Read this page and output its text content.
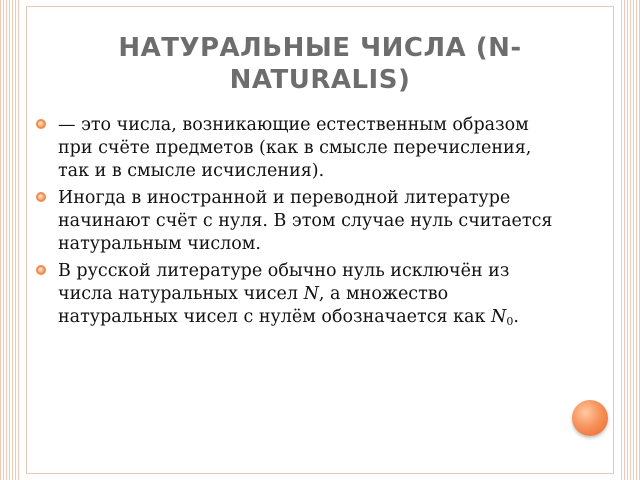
НАТУРАЛЬНЫЕ ЧИСЛА (N-NATURALIS)
— это числа, возникающие естественным образом при счёте предметов (как в смысле перечисления, так и в смысле исчисления).
Иногда в иностранной и переводной литературе начинают счёт с нуля. В этом случае нуль считается натуральным числом.
В русской литературе обычно нуль исключён из числа натуральных чисел N, а множество натуральных чисел с нулём обозначается как $N_0$.
